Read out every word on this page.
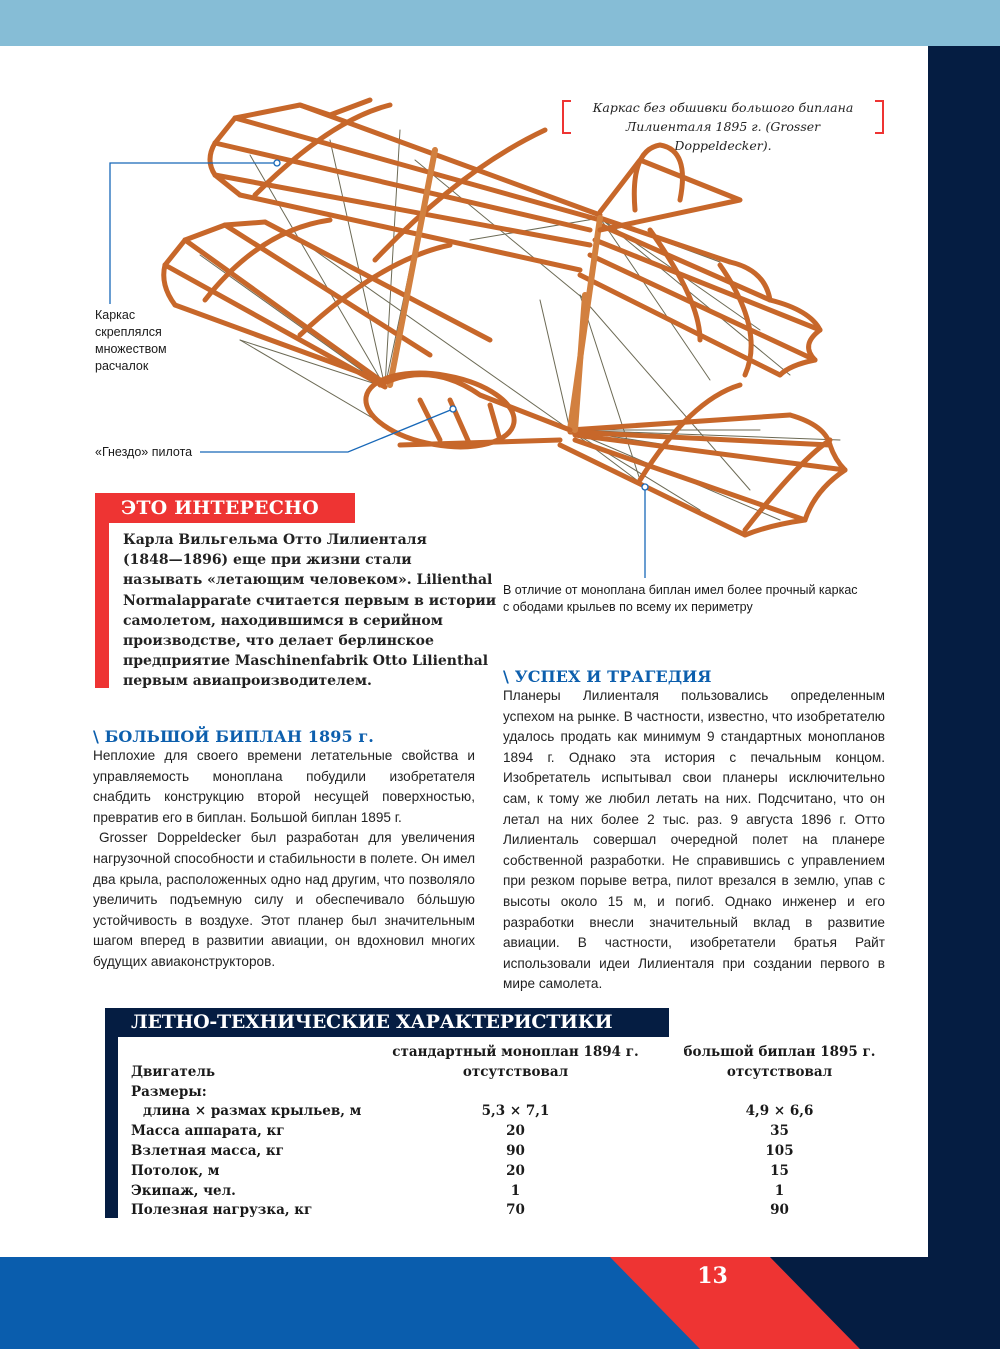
13
Каркас без обшивки большого биплана
Лилиенталя 1895 г. (Grosser Doppeldecker).
Каркас
скреплялся
множеством
расчалок
«Гнездо» пилота
В отличие от моноплана биплан имел более прочный каркас
с ободами крыльев по всему их периметру
ЭТО ИНТЕРЕСНО
Карла Вильгельма Отто Лилиенталя
(1848—1896) еще при жизни стали
называть «летающим человеком». Lilienthal
Normalapparate считается первым в истории
самолетом, находившимся в серийном
производстве, что делает берлинское
предприятие Maschinenfabrik Otto Lilienthal
первым авиапроизводителем.
\ БОЛЬШОЙ БИПЛАН 1895 г.

Неплохие для своего времени летательные свойства и управляемость моноплана побудили изобретателя снабдить конструкцию второй несущей поверхностью, превратив его в биплан. Большой биплан 1895 г.

Grosser Doppeldecker был разработан для увеличения нагрузочной способности и стабильности в полете. Он имел два крыла, расположенных одно над другим, что позволяло увеличить подъемную силу и обеспечивало бóльшую устойчивость в воздухе. Этот планер был значительным шагом вперед в развитии авиации, он вдохновил многих будущих авиаконструкторов.

\ УСПЕХ И ТРАГЕДИЯ

Планеры Лилиенталя пользовались определенным успехом на рынке. В частности, известно, что изобретателю удалось продать как минимум 9 стандартных монопланов 1894 г. Однако эта история с печальным концом. Изобретатель испытывал свои планеры исключительно сам, к тому же любил летать на них. Подсчитано, что он летал на них более 2 тыс. раз. 9 августа 1896 г. Отто Лилиенталь совершал очередной полет на планере собственной разработки. Не справившись с управлением при резком порыве ветра, пилот врезался в землю, упав с высоты около 15 м, и погиб. Однако инженер и его разработки внесли значительный вклад в развитие авиации. В частности, изобретатели братья Райт использовали идеи Лилиенталя при создании первого в мире самолета.

ЛЕТНО-ТЕХНИЧЕСКИЕ ХАРАКТЕРИСТИКИ
	стандартный моноплан 1894 г.	большой биплан 1895 г.
Двигатель	отсутствовал	отсутствовал
Размеры:		
длина × размах крыльев, м	5,3 × 7,1	4,9 × 6,6
Масса аппарата, кг	20	35
Взлетная масса, кг	90	105
Потолок, м	20	15
Экипаж, чел.	1	1
Полезная нагрузка, кг	70	90
